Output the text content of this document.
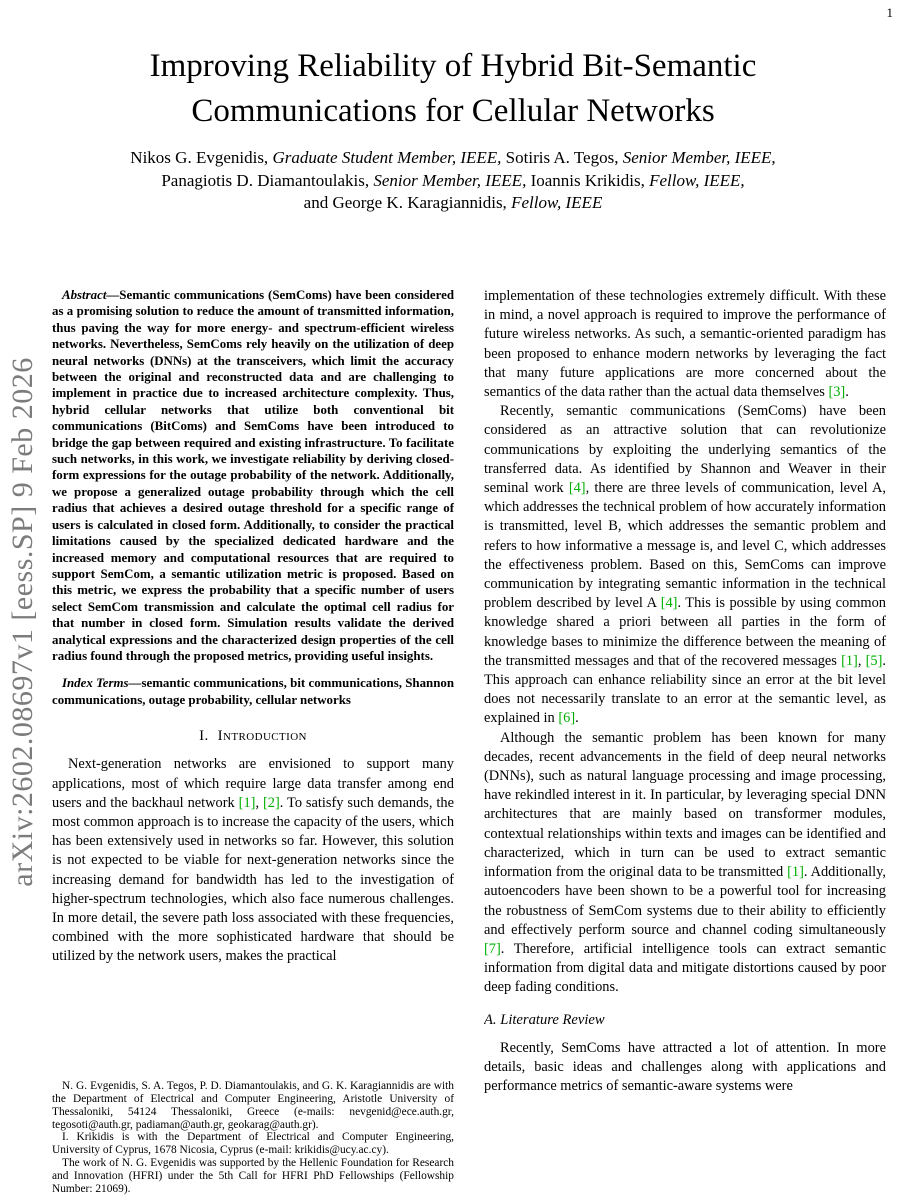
1
arXiv:2602.08697v1 [eess.SP] 9 Feb 2026
Improving Reliability of Hybrid Bit-Semantic
Communications for Cellular Networks
Nikos G. Evgenidis, Graduate Student Member, IEEE, Sotiris A. Tegos, Senior Member, IEEE,
Panagiotis D. Diamantoulakis, Senior Member, IEEE, Ioannis Krikidis, Fellow, IEEE,
and George K. Karagiannidis, Fellow, IEEE

Abstract—Semantic communications (SemComs) have been considered as a promising solution to reduce the amount of transmitted information, thus paving the way for more energy- and spectrum-efficient wireless networks. Nevertheless, SemComs rely heavily on the utilization of deep neural networks (DNNs) at the transceivers, which limit the accuracy between the original and reconstructed data and are challenging to implement in practice due to increased architecture complexity. Thus, hybrid cellular networks that utilize both conventional bit communications (BitComs) and SemComs have been introduced to bridge the gap between required and existing infrastructure. To facilitate such networks, in this work, we investigate reliability by deriving closed-form expressions for the outage probability of the network. Additionally, we propose a generalized outage probability through which the cell radius that achieves a desired outage threshold for a specific range of users is calculated in closed form. Additionally, to consider the practical limitations caused by the specialized dedicated hardware and the increased memory and computational resources that are required to support SemCom, a semantic utilization metric is proposed. Based on this metric, we express the probability that a specific number of users select SemCom transmission and calculate the optimal cell radius for that number in closed form. Simulation results validate the derived analytical expressions and the characterized design properties of the cell radius found through the proposed metrics, providing useful insights.

Index Terms—semantic communications, bit communications, Shannon communications, outage probability, cellular networks

I. Introduction

Next-generation networks are envisioned to support many applications, most of which require large data transfer among end users and the backhaul network [1], [2]. To satisfy such demands, the most common approach is to increase the capacity of the users, which has been extensively used in networks so far. However, this solution is not expected to be viable for next-generation networks since the increasing demand for bandwidth has led to the investigation of higher-spectrum technologies, which also face numerous challenges. In more detail, the severe path loss associated with these frequencies, combined with the more sophisticated hardware that should be utilized by the network users, makes the practical

N. G. Evgenidis, S. A. Tegos, P. D. Diamantoulakis, and G. K. Karagiannidis are with the Department of Electrical and Computer Engineering, Aristotle University of Thessaloniki, 54124 Thessaloniki, Greece (e-mails: nevgenid@ece.auth.gr, tegosoti@auth.gr, padiaman@auth.gr, geokarag@auth.gr).

I. Krikidis is with the Department of Electrical and Computer Engineering, University of Cyprus, 1678 Nicosia, Cyprus (e-mail: krikidis@ucy.ac.cy).

The work of N. G. Evgenidis was supported by the Hellenic Foundation for Research and Innovation (HFRI) under the 5th Call for HFRI PhD Fellowships (Fellowship Number: 21069).

implementation of these technologies extremely difficult. With these in mind, a novel approach is required to improve the performance of future wireless networks. As such, a semantic-oriented paradigm has been proposed to enhance modern networks by leveraging the fact that many future applications are more concerned about the semantics of the data rather than the actual data themselves [3].

Recently, semantic communications (SemComs) have been considered as an attractive solution that can revolutionize communications by exploiting the underlying semantics of the transferred data. As identified by Shannon and Weaver in their seminal work [4], there are three levels of communication, level A, which addresses the technical problem of how accurately information is transmitted, level B, which addresses the semantic problem and refers to how informative a message is, and level C, which addresses the effectiveness problem. Based on this, SemComs can improve communication by integrating semantic information in the technical problem described by level A [4]. This is possible by using common knowledge shared a priori between all parties in the form of knowledge bases to minimize the difference between the meaning of the transmitted messages and that of the recovered messages [1], [5]. This approach can enhance reliability since an error at the bit level does not necessarily translate to an error at the semantic level, as explained in [6].

Although the semantic problem has been known for many decades, recent advancements in the field of deep neural networks (DNNs), such as natural language processing and image processing, have rekindled interest in it. In particular, by leveraging special DNN architectures that are mainly based on transformer modules, contextual relationships within texts and images can be identified and characterized, which in turn can be used to extract semantic information from the original data to be transmitted [1]. Additionally, autoencoders have been shown to be a powerful tool for increasing the robustness of SemCom systems due to their ability to efficiently and effectively perform source and channel coding simultaneously [7]. Therefore, artificial intelligence tools can extract semantic information from digital data and mitigate distortions caused by poor deep fading conditions.

A. Literature Review

Recently, SemComs have attracted a lot of attention. In more details, basic ideas and challenges along with applications and performance metrics of semantic-aware systems were
